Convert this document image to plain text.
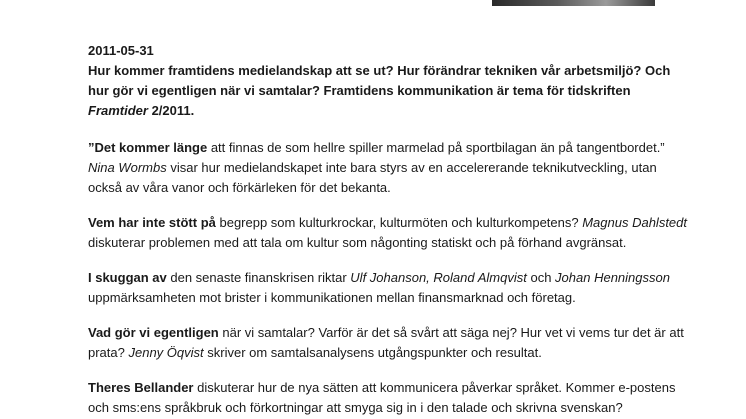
2011-05-31

Hur kommer framtidens medielandskap att se ut? Hur förändrar tekniken vår arbetsmiljö? Och hur gör vi egentligen när vi samtalar? Framtidens kommunikation är tema för tidskriften Framtider 2/2011.

”Det kommer länge att finnas de som hellre spiller marmelad på sportbilagan än på tangentbordet.” Nina Wormbs visar hur medielandskapet inte bara styrs av en accelererande teknikutveckling, utan också av våra vanor och förkärleken för det bekanta.

Vem har inte stött på begrepp som kulturkrockar, kulturmöten och kulturkompetens? Magnus Dahlstedt diskuterar problemen med att tala om kultur som någonting statiskt och på förhand avgränsat.

I skuggan av den senaste finanskrisen riktar Ulf Johanson, Roland Almqvist och Johan Henningsson uppmärksamheten mot brister i kommunikationen mellan finansmarknad och företag.

Vad gör vi egentligen när vi samtalar? Varför är det så svårt att säga nej? Hur vet vi vems tur det är att prata? Jenny Öqvist skriver om samtalsanalysens utgångspunkter och resultat.

Theres Bellander diskuterar hur de nya sätten att kommunicera påverkar språket. Kommer e-postens och sms:ens språkbruk och förkortningar att smyga sig in i den talade och skrivna svenskan?
